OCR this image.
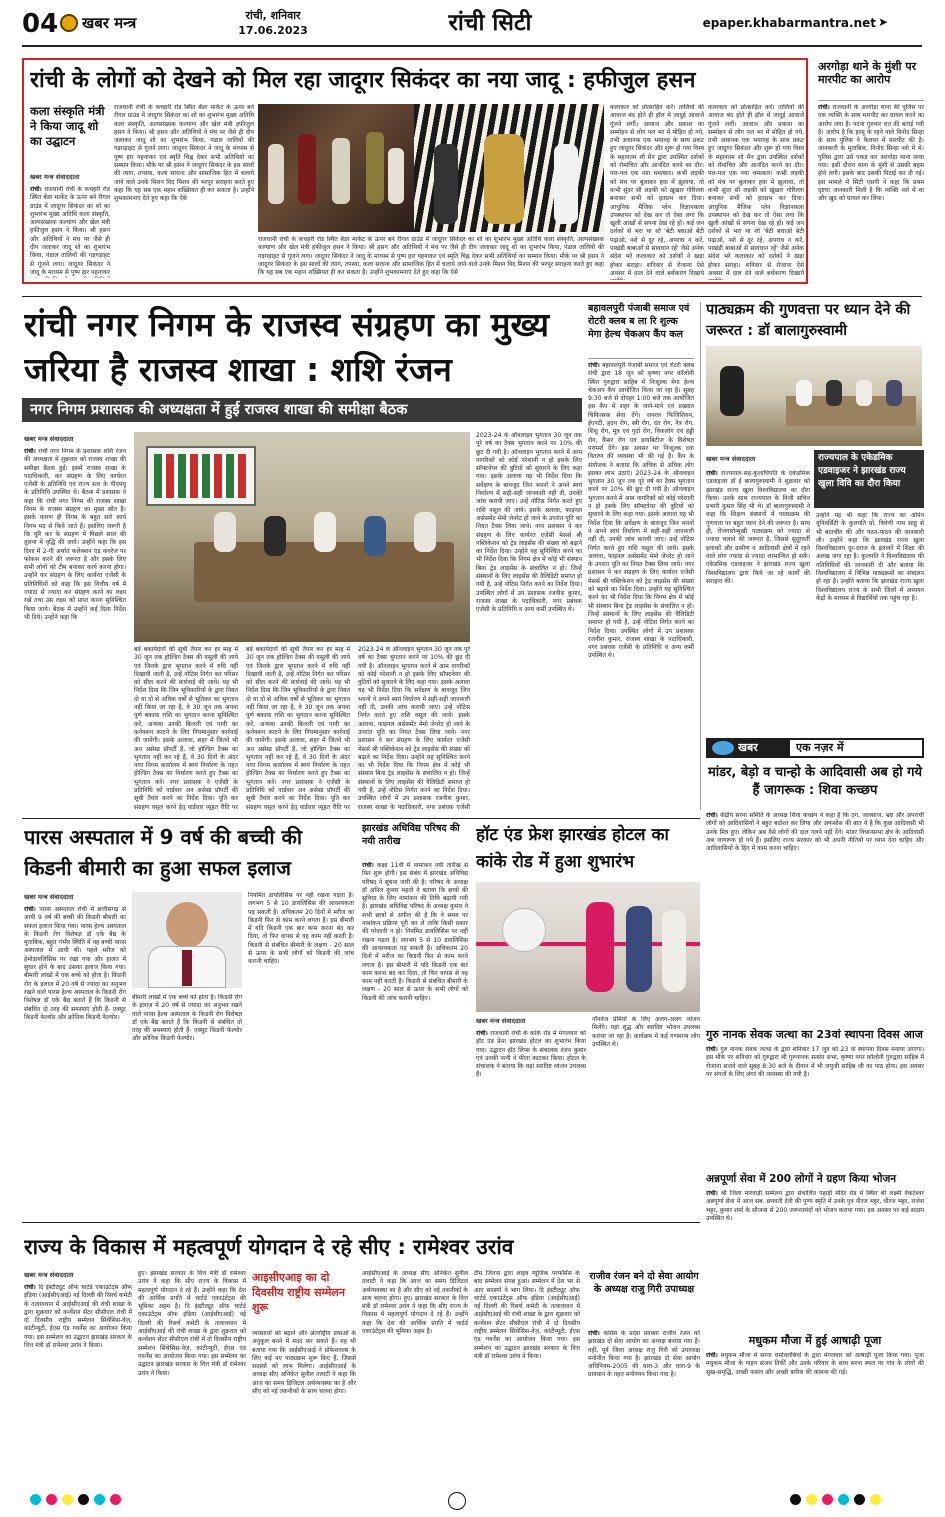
04 खबर मन्त्र	रांची, शनिवार
17.06.2023	रांची सिटी	epaper.khabarmantra.net ➤
रांची के लोगों को देखने को मिल रहा जादूगर सिकंदर का नया जादू : हफीजुल हसन
कला संस्कृति मंत्री ने किया जादू शो का उद्घाटन
खबर मन्त्र संवाददाता
रांची। राजधानी रांची के कचहरी रोड स्थित बेंडर मार्केट के ऊपर बने रीगल ग्राउंड में जादूगर सिकंदर का शो का शुभारंभ मुख्य अतिथि कला संस्कृति, अल्पसंख्यक कल्याण और खेल मंत्री हफीजुल हसन ने किया। श्री हसन और अतिथियों ने मंच पर जैसे ही दीप जलाकर जादू शो का शुभारंभ किया, पंडाल तालियों की गड़गड़ाहट से गूंजने लगा। जादूगर सिकंदर ने जादू के माध्यम से पुष्प हार पहनाकर
राजधानी रांची के कचहरी रोड स्थित बेंडर मार्केट के ऊपर बने रीगल ग्राउंड में जादूगर सिकंदर का शो का शुभारंभ मुख्य अतिथि कला संस्कृति, अल्पसंख्यक कल्याण और खेल मंत्री हफीजुल हसन ने किया। श्री हसन और अतिथियों ने मंच पर जैसे ही दीप जलाकर जादू शो का शुभारंभ किया, पंडाल तालियों की गड़गड़ाहट से गूंजने लगा। जादूगर सिकंदर ने जादू के माध्यम से पुष्प हार पहनाकर एवं स्मृति चिह्न देकर सभी अतिथियों का सम्मान किया। मौके पर श्री हसन ने जादूगर सिकंदर के इस सालों की त्याग, तपस्या, कला साधना और सामाजिक हित में चलाये जाने वाले उनके मिशन विद मिशन की भरपूर सराहना करते हुए कहा कि यह सब एक महान शख्सियत ही कर सकता है। उन्होंने शुभकामनाएं देते हुए कहा कि ऐसे
राजधानी रांची के कचहरी रोड स्थित बेंडर मार्केट के ऊपर बने रीगल ग्राउंड में जादूगर सिकंदर का शो का शुभारंभ मुख्य अतिथि कला संस्कृति, अल्पसंख्यक कल्याण और खेल मंत्री हफीजुल हसन ने किया। श्री हसन और अतिथियों ने मंच पर जैसे ही दीप जलाकर जादू शो का शुभारंभ किया, पंडाल तालियों की गड़गड़ाहट से गूंजने लगा। जादूगर सिकंदर ने जादू के माध्यम से पुष्प हार पहनाकर एवं स्मृति चिह्न देकर सभी अतिथियों का सम्मान किया। मौके पर श्री हसन ने जादूगर सिकंदर के इस सालों की त्याग, तपस्या, कला साधना और सामाजिक हित में चलाये जाने वाले उनके मिशन विद मिशन की भरपूर सराहना करते हुए कहा कि यह सब एक महान शख्सियत ही कर सकता है। उन्होंने शुभकामनाएं देते हुए कहा कि ऐसे
कलाकार को प्रोत्साहित करें। तालियों की आवाज बंद होते ही हॉल में जादुई आवाजें गूंजने लगीं। आवाज और प्रकाश का सम्मोहन से लोग पल भर में मोहित हो गये, तभी अचानक एक भयावह के साथ प्रकट हुए जादूगर सिकंदर और शुरू हो गया विस्व के महानतम शो मैन द्वारा उपस्थित दर्शकों को रोमांचित और आनंदित करने का दौर। पल-पल एक नया चमत्कार। कभी लड़की को मंच पर बुलाकर हवा में झुलाया, तो कभी सुंदर सी लड़की को खूंखार गोरिल्ला बनाकर सभी को हतप्रभ कर दिया। आधुनिक मैजिक प्लेन विज्ञानकला उपस्थापन को देख कर तो ऐसा लगा कि खुली आंखों से सपना देख रहे हों। कई जन दर्शकों से भरा था शो 'बेटी बचाओ बेटी पढ़ाओ, नशे से दूर रहे, अपराध न करें, पाखंडी बाबाओं से सावधान रहें' जैसे अनेक संदेश भरे कलाकार को दर्शकों ने खड़ा होकर सराहा। शनिवार से रोजाना ऐसे अवसर में दाल देने वाले बर्थकरण दिखाये
कलाकार को प्रोत्साहित करें। तालियों की आवाज बंद होते ही हॉल में जादुई आवाजें गूंजने लगीं। आवाज और प्रकाश का सम्मोहन से लोग पल भर में मोहित हो गये, तभी अचानक एक भयावह के साथ प्रकट हुए जादूगर सिकंदर और शुरू हो गया विस्व के महानतम शो मैन द्वारा उपस्थित दर्शकों को रोमांचित और आनंदित करने का दौर। पल-पल एक नया चमत्कार। कभी लड़की को मंच पर बुलाकर हवा में झुलाया, तो कभी सुंदर सी लड़की को खूंखार गोरिल्ला बनाकर सभी को हतप्रभ कर दिया। आधुनिक मैजिक प्लेन विज्ञानकला उपस्थापन को देख कर तो ऐसा लगा कि खुली आंखों से सपना देख रहे हों। कई जन दर्शकों से भरा था शो 'बेटी बचाओ बेटी पढ़ाओ, नशे से दूर रहे, अपराध न करें, पाखंडी बाबाओं से सावधान रहें' जैसे अनेक संदेश भरे कलाकार को दर्शकों ने खड़ा होकर सराहा। शनिवार से रोजाना ऐसे अवसर में दाल देने वाले बर्थकरण दिखाये
अरगोड़ा थाने के मुंशी पर मारपीट का आरोप
रांची। राजधानी के अरगोड़ा थाना की पुलिस पर एक व्यक्ति के साथ मारपीट कर घायल करने का आरोप लगा है। पटना गुरुवार रात की बताई गयी है। आरोप है कि हरमू के रहने वाले विनोद सिन्हा के साथ पुलिस ने कैलाश में मारपीट की है। जानकारी के मुताबिक, विनोद सिन्हा नशे में थे। पुलिस द्वारा उसे पकड़ कर अरगोड़ा थाना लाया गया। इसी दौरान थाना के मुंशी से उसकी बहस होने लगी। इसके बाद उसकी पिटाई कर दी गई। इस मामले में सिटी एसपी ने कहा कि प्रथम दृष्टया जानकारी मिली है कि व्यक्ति नशे में था और खुद को घायल कर लिया।
रांची नगर निगम के राजस्व संग्रहण का मुख्य जरिया है राजस्व शाखा : शशि रंजन
नगर निगम प्रशासक की अध्यक्षता में हुई राजस्व शाखा की समीक्षा बैठक
खबर मन्त्र संवाददाता
रांची। रांची नगर निगम के प्रशासक शशि रंजन की अध्यक्षता में शुक्रवार को राजस्व शाखा की समीक्षा बैठक हुई। इसमें राजस्व शाखा के पदाधिकारी, कर संग्रहण के लिए कार्यरत एजेंसी के प्रतिनिधि एवं राज्य स्तर के पीएमयू के प्रतिनिधि उपस्थित थे। बैठक में प्रशासक ने कहा कि रांची नगर निगम की राजस्व शाखा निगम के राजस्व संग्रहण का मुख्य स्रोत है। इसके कारण ही निगम के बहुत सारे कार्य निगम मद से किये जाते हैं। इसलिए जरूरी है कि पूरि कर के संग्रहण में पिछले साल की तुलना में वृद्धि की जाये। उन्होंने कहा कि इस दिशा में 2-गी अर्थात कलेक्शन एंड कवरेज पर फोकस करने की जरूरत है और इसके लिए सभी लोगों को टीम बनाकर कार्य करना होगा। उन्होंने कर संग्रहण के लिए कार्यरत एजेंसी के प्रतिनिधियों को कहा कि इस वित्तीय वर्ष में ज्यादा से ज्यादा कर संग्रहण करने का लक्ष्य रखें तथा उस लक्ष्य को प्राप्त करना सुनिश्चित किया जाये। बैठक में उन्होंने कई दिशा निर्देश भी दिये। उन्होंने कहा कि
बड़े बकायेदारों की सूची तैयार कर हर माह में 30 जून तक होल्डिंग टैक्स की वसूली की जाये एवं जिनके द्वारा भुगतान करने में रुचि नहीं दिखायी जाती है, उन्हें नोटिस निर्गत कर परिसर को सील करने की कार्रवाई की जाये। यह भी निर्देश दिया कि जिन भूधिकारियों के द्वारा नियत दो या दो से अधिक वर्षों से भूतिकर का भुगतान नहीं किया जा रहा है, वे 30 जून तक अपना पूर्ण बकाया राशि का भुगतान करना सुनिश्चित करें, अन्यथा उनकी बिजली एवं पानी का कनेक्शन काटने के लिए नियमानुसार कार्रवाई की जायेगी। इसके अलावा, शहर में जितने भी अन असेस्ड प्रॉपर्टी हैं, जो होल्डिंग टैक्स का भुगतान नहीं कर रहे हैं, वे 30 दिनों के अंदर नगर निगम कार्यालय में स्वयं निर्धारण के तहत होल्डिंग टैक्स का निर्धारण करते हुए टैक्स का भुगतान करें। नगर प्रशासक ने एजेंसी के प्रतिनिधि को वार्डवार अन असेस्ड प्रॉपर्टी की सूची तैयार करने का निर्देश दिया। पूति कर संग्रहण वसूल करने हेतु वार्डवार व्यूहत रीति पर
बड़े बकायेदारों की सूची तैयार कर हर माह में 30 जून तक होल्डिंग टैक्स की वसूली की जाये एवं जिनके द्वारा भुगतान करने में रुचि नहीं दिखायी जाती है, उन्हें नोटिस निर्गत कर परिसर को सील करने की कार्रवाई की जाये। यह भी निर्देश दिया कि जिन भूधिकारियों के द्वारा नियत दो या दो से अधिक वर्षों से भूतिकर का भुगतान नहीं किया जा रहा है, वे 30 जून तक अपना पूर्ण बकाया राशि का भुगतान करना सुनिश्चित करें, अन्यथा उनकी बिजली एवं पानी का कनेक्शन काटने के लिए नियमानुसार कार्रवाई की जायेगी। इसके अलावा, शहर में जितने भी अन असेस्ड प्रॉपर्टी हैं, जो होल्डिंग टैक्स का भुगतान नहीं कर रहे हैं, वे 30 दिनों के अंदर नगर निगम कार्यालय में स्वयं निर्धारण के तहत होल्डिंग टैक्स का निर्धारण करते हुए टैक्स का भुगतान करें। नगर प्रशासक ने एजेंसी के प्रतिनिधि को वार्डवार अन असेस्ड प्रॉपर्टी की सूची तैयार करने का निर्देश दिया। पूति कर संग्रहण वसूल करने हेतु वार्डवार व्यूहत रीति पर
2023-24 के ऑनलाइन भुगतान 30 जून तक पूरे वर्ष का टैक्स भुगतान करने पर 10% की छूट दी गयी है। ऑनलाइन भुगतान करने में आम नागरिकों को कोई परेशानी न हो इसके लिए सॉफ्टवेयर की त्रुटियों को सुधारने के लिए कहा गया। इसके अलावा यह भी निर्देश दिया कि सर्वेक्षण के बावजूद जिन भवनों ने अपने स्वयं निर्धारण में सही-सही जानकारी नहीं दी, उनकी जांच करायी जाए। उन्हें नोटिस निर्गत करते हुए राशि वसूल की जाये। इसके अलावा, फाइनल असेसमेंट मेमो जेनरेट हो जाने के उपरांत पूति का नियत टैक्स लिया जाये। नगर प्रशासन ने कर संग्रहण के लिए कार्यरत एजेंसी मेसर्स श्री पब्लिकेशन को ट्रेड लाइसेंस की संख्या को बढ़ाने का निर्देश दिया। उन्होंने यह सुनिश्चित करने का भी निर्देश दिया कि निगम क्षेत्र में कोई भी संस्थान बिना ट्रेड लाइसेंस के संचालित न हो। जिन्हें संस्थानों के लिए लाइसेंस की वैलिडिटी समाप्त हो गयी है, उन्हें नोटिस निर्गत करने का निर्देश दिया। उपस्थित लोगों में उप प्रशासक रजनीश कुमार, राजस्व शाखा के पदाधिकारी, नगर प्रबंधक एजेंसी
2023-24 के ऑनलाइन भुगतान 30 जून तक पूरे वर्ष का टैक्स भुगतान करने पर 10% की छूट दी गयी है। ऑनलाइन भुगतान करने में आम नागरिकों को कोई परेशानी न हो इसके लिए सॉफ्टवेयर की त्रुटियों को सुधारने के लिए कहा गया। इसके अलावा यह भी निर्देश दिया कि सर्वेक्षण के बावजूद जिन भवनों ने अपने स्वयं निर्धारण में सही-सही जानकारी नहीं दी, उनकी जांच करायी जाए। उन्हें नोटिस निर्गत करते हुए राशि वसूल की जाये। इसके अलावा, फाइनल असेसमेंट मेमो जेनरेट हो जाने के उपरांत पूति का नियत टैक्स लिया जाये। नगर प्रशासन ने कर संग्रहण के लिए कार्यरत एजेंसी मेसर्स श्री पब्लिकेशन को ट्रेड लाइसेंस की संख्या को बढ़ाने का निर्देश दिया। उन्होंने यह सुनिश्चित करने का भी निर्देश दिया कि निगम क्षेत्र में कोई भी संस्थान बिना ट्रेड लाइसेंस के संचालित न हो। जिन्हें संस्थानों के लिए लाइसेंस की वैलिडिटी समाप्त हो गयी है, उन्हें नोटिस निर्गत करने का निर्देश दिया। उपस्थित लोगों में उप प्रशासक रजनीश कुमार, राजस्व शाखा के पदाधिकारी, नगर प्रबंधक एजेंसी के प्रतिनिधि व अन्य कर्मी उपस्थित थे।
बहावलपुरी पंजाबी समाज एवं रोटरी क्लब ब ला रि शुल्क मेगा हेल्थ चेकअप कैंप कल
रांची। बहावलपुरी पंजाबी समाज एवं रोटरी क्लब रांची द्वारा 18 जून को कृष्णा नगर कॉलोनी स्थित गुरुद्वारा साहिब में निःशुल्क मेगा हेल्थ चेकअप कैंप आयोजित किया जा रहा है। सुबह 9:30 बजे से दोपहर 1:00 बजे तक आयोजित इस कैंप में शहर के जाने-माने एवं प्रख्यात चिकित्सक सेवा देंगे। जनरल फिजिशियन, ईएनटी, हृदय रोग, स्त्री रोग, दंत रोग, नेत्र रोग, शिशु रोग, मूत्र एवं गुर्दा रोग, विकलांग एवं हड्डी रोग, कैंसर रोग एवं डायबिटीज के विशेषज्ञ परामर्श देंगे। इस अवसर पर निःशुल्क दवा वितरण की व्यवस्था भी की गई है। कैंप के संयोजक ने बताया कि अधिक से अधिक लोग इसका लाभ उठाएं। 2023-24 के ऑनलाइन भुगतान 30 जून तक पूरे वर्ष का टैक्स भुगतान करने पर 10% की छूट दी गयी है। ऑनलाइन भुगतान करने में आम नागरिकों को कोई परेशानी न हो इसके लिए सॉफ्टवेयर की त्रुटियों को सुधारने के लिए कहा गया। इसके अलावा यह भी निर्देश दिया कि सर्वेक्षण के बावजूद जिन भवनों ने अपने स्वयं निर्धारण में सही-सही जानकारी नहीं दी, उनकी जांच करायी जाए। उन्हें नोटिस निर्गत करते हुए राशि वसूल की जाये। इसके अलावा, फाइनल असेसमेंट मेमो जेनरेट हो जाने के उपरांत पूति का नियत टैक्स लिया जाये। नगर प्रशासन ने कर संग्रहण के लिए कार्यरत एजेंसी मेसर्स श्री पब्लिकेशन को ट्रेड लाइसेंस की संख्या को बढ़ाने का निर्देश दिया। उन्होंने यह सुनिश्चित करने का भी निर्देश दिया कि निगम क्षेत्र में कोई भी संस्थान बिना ट्रेड लाइसेंस के संचालित न हो। जिन्हें संस्थानों के लिए लाइसेंस की वैलिडिटी समाप्त हो गयी है, उन्हें नोटिस निर्गत करने का निर्देश दिया। उपस्थित लोगों में उप प्रशासक रजनीश कुमार, राजस्व शाखा के पदाधिकारी, नगर प्रबंधक एजेंसी के प्रतिनिधि व अन्य कर्मी उपस्थित थे।
पाठ्यक्रम की गुणवत्ता पर ध्यान देने की जरूरत : डॉ बालागुरुस्वामी
खबर मन्त्र संवाददाता	राज्यपाल के एकेडमिक एडवाइजर ने झारखंड राज्य खुला विवि का दौरा किया
रांची। राज्यपाल-सह-कुलाधिपति के एकेडमिक एडवाइजर डॉ ई बालागुरुस्वामी ने शुक्रवार को झारखंड राज्य खुला विश्वविद्यालय का दौरा किया। उनके साथ राज्यपाल के निजी सचिव प्रभारी कुमार सिंह भी थे। डॉ बालागुरुस्वामी ने कहा कि शिक्षण संस्थानों में पाठ्यक्रम की गुणवत्ता पर बहुत ध्यान देने की जरूरत है। साथ ही, रोजगारोन्मुखी पाठ्यक्रम को ज्यादा से ज्यादा चलाने की जरूरत है, जिससे सुदूरवर्ती इलाकों और ग्रामीण व आदिवासी क्षेत्रों में रहने वाले लोग ज्यादा से ज्यादा लाभान्वित हो सकें। एकेडमिक एडवाइजर ने झारखंड राज्य खुला विश्वविद्यालय द्वारा किये जा रहे कार्यों की सराहना की।
उन्होंने यह भी कहा कि राज्य का ओपेन यूनिवर्सिटी के कुलपति प्रो. त्रिवेणी नाथ साहु से भी बातचीत की और पठन-पाठन की जानकारी ली। उन्होंने कहा कि झारखंड राज्य खुला विश्वविद्यालय दूर-दराज के इलाकों में शिक्षा की अलख जगा रहा है। कुलपति ने विश्वविद्यालय की गतिविधियों की जानकारी दी और बताया कि विश्वविद्यालय में विभिन्न पाठ्यक्रमों का संचालन हो रहा है। उन्होंने बताया कि झारखंड राज्य खुला विश्वविद्यालय राज्य के सभी जिलों में अध्ययन केंद्रों के माध्यम से विद्यार्थियों तक पहुंच रहा है।
खबर	एक नज़र में
मांडर, बेड़ो व चान्हो के आदिवासी अब हो गये हैं जागरूक : शिवा कच्छप
रांची। केंद्रीय सरना समिति के अध्यक्ष शिवा कच्छप ने कहा है कि ठग, जलसाज, भ्रष्ट और अपराधी लोगों को आदिवासियों ने बहुत बर्दाश्त कर लिया और अफसोस की बात ये है कि कुछ आदिवासी भी उनके मित्र हुए। लेकिन अब वैसे लोगों की दाल गलने नहीं देंगे। मांडर विधानसभा क्षेत्र के आदिवासी अब जागरूक हो गये हैं। इसलिए राज्य सरकार को भी अपनी नीतियों पर ध्यान देना चाहिए और आदिवासियों के हित में काम करना चाहिए।
पारस अस्पताल में 9 वर्ष की बच्ची की किडनी बीमारी का हुआ सफल इलाज
खबर मन्त्र संवाददाता
रांची। पारस अस्पताल रांची में छत्तीसगढ़ से आयी 9 वर्ष की बच्ची की किडनी बीमारी का सफल इलाज किया गया। पारस हेल्थ अस्पताल के किडनी रोग विशेषज्ञ डॉ एके बैद्य के मुताबिक, बहुत गंभीर स्थिति में वह बच्ची पारस अस्पताल में आयी थी। पहले मरीज को हेमोडायलिसिस पर रखा गया और हालत में सुधार होने के बाद उसका इलाज किया गया। बीमारी लाखों में एक बच्चे को होता है। किडनी रोग के इलाज में 20 वर्ष से ज्यादा का अनुभव रखने वाले पारस हेल्थ अस्पताल के किडनी रोग विशेषज्ञ डॉ एके बैद्य बताते हैं कि किडनी से संबंधित दो तरह की समस्याएं होती हैं- एक्यूट किडनी फेल्योर और क्रोनिक किडनी फेल्योर।
बीमारी लाखों में एक बच्चे को होता है। किडनी रोग के इलाज में 20 वर्ष से ज्यादा का अनुभव रखने वाले पारस हेल्थ अस्पताल के किडनी रोग विशेषज्ञ डॉ एके बैद्य बताते हैं कि किडनी से संबंधित दो तरह की समस्याएं होती हैं- एक्यूट किडनी फेल्योर और क्रोनिक किडनी फेल्योर।
नियमित डायलिसिस पर नहीं रखना पड़ता है। लगभग 5 से 10 डायलिसिस की आवश्यकता पड़ सकती है। अधिकतम 20 दिनों में मरीज का किडनी फिर से काम करने लगता है। इस बीमारी में यदि किडनी एक बार काम करना बंद कर दिया, तो फिर वापस से वह काम नहीं करती है। किडनी से संबंधित बीमारी के लक्षण - 20 साल से ऊपर के सभी लोगों को किडनी की जांच करानी चाहिए।
झारखंड अधिविद्य परिषद की नयी तारीख
रांची। कक्षा 11वीं में नामांकन नयी तारीख से फिर शुरू होगी। इस संबंध में झारखंड अधिविद्य परिषद ने सूचना जारी की है। परिषद के अध्यक्ष डॉ अनिल कुमार महतो ने बताया कि छात्रों की सुविधा के लिए नामांकन की तिथि बढ़ायी गयी है। झारखंड अधिविद्य परिषद के अध्यक्ष कुमार ने सभी छात्रों से अपील की है कि वे समय पर नामांकन प्रक्रिया पूरी कर लें ताकि किसी प्रकार की परेशानी न हो। नियमित डायलिसिस पर नहीं रखना पड़ता है। लगभग 5 से 10 डायलिसिस की आवश्यकता पड़ सकती है। अधिकतम 20 दिनों में मरीज का किडनी फिर से काम करने लगता है। इस बीमारी में यदि किडनी एक बार काम करना बंद कर दिया, तो फिर वापस से वह काम नहीं करती है। किडनी से संबंधित बीमारी के लक्षण - 20 साल से ऊपर के सभी लोगों को किडनी की जांच करानी चाहिए।
हॉट एंड फ्रेश झारखंड होटल का कांके रोड में हुआ शुभारंभ
खबर मन्त्र संवाददाता
रांची। राजधानी रांची के कांके रोड में मंगलवार को हॉट एंड फ्रेश झारखंड होटल का शुभारंभ किया गया। उद्घाटन हॉट लिप्स के संचालक रंजन कुमार एवं उनकी पत्नी ने फीता काटकर किया। होटल के संचालक ने बताया कि यहां स्वादिष्ट व्यंजन उपलब्ध हैं।
नॉनवेज प्रेमियों के लिए अलग-अलग व्यंजन मिलेंगे। यहां शुद्ध और स्वादिष्ट भोजन उपलब्ध कराया जा रहा है। कार्यक्रम में कई गणमान्य लोग उपस्थित थे।
गुरु नानक सेवक जत्था का 23वां स्थापना दिवस आज
रांची। गुरु नानक सेवक जत्था के द्वारा शनिवार 17 जून को 23 वां स्थापना दिवस मनाया जाएगा। इस मौके पर शनिवार को गुरुद्वारा श्री गुरुनानक सत्संग सभा, कृष्णा नगर कॉलोनी गुरुद्वारा साहिब में रोजाना सजने वाले सुबह 8:30 बजे के दीवान में भी जपुजी साहिब जी का पाठ होगा। इस अवसर पर संगतों के लिए लंगर की व्यवस्था की गयी है।
अन्नपूर्णा सेवा में 200 लोगों ने ग्रहण किया भोजन
रांची। श्री जिला मारवाड़ी सम्मेलन द्वारा संचालित पहाड़ी मंदिर रोड में स्थित श्री लक्ष्मी वेंकटेश्वर अन्नपूर्णा सेवा में आज सब. छनवती देवी की पुण्य स्मृति में उनके पुत्र नीरज भट्टर, धीरज भट्टर, राजेश भट्टर, कुमार शर्मा के सौजन्य से 200 जरूरतमंदों को भोजन कराया गया। इस अवसर पर कई सदस्य उपस्थित थे।
मधुकम मौजा में हुई आषाढ़ी पूजा
रांची। मधुकम मौजा में सरना धर्मावलंबियों के द्वारा मंगलवार को आषाढ़ी पूजा किया गया। पूजा मधुकम मौजा के पाहन संजय तिर्की और उनके परिवार के साथ सरना स्थल पर गांव के लोगों की सुख-समृद्धि, अच्छी फसल और अच्छी बारिश की कामना की गई।
राज्य के विकास में महत्वपूर्ण योगदान दे रहे सीए : रामेश्वर उरांव
खबर मन्त्र संवाददाता
रांची। दि इंस्टीट्यूट ऑफ चार्टर्ड एकाउंटेंट्स ऑफ इंडिया (आईसीएआई) नई दिल्ली की रिसर्च कमेटी के तत्वावधान में आईसीएआई की रांची शाखा के द्वारा शुक्रवार को कन्वेंशन सेंटर सीसीएल रांची में दो दिवसीय राष्ट्रीय सम्मेलन सिंथेसिस-वेज़, कांटीन्यूटी, ईएस एंड गवर्नेंस का आयोजन किया गया। इस सम्मेलन का उद्घाटन झारखंड सरकार के वित्त मंत्री डॉ रामेश्वर उरांव ने किया।
हुए। झारखंड सरकार के वित्त मंत्री डॉ रामेश्वर उरांव ने कहा कि सीए राज्य के विकास में महत्वपूर्ण योगदान दे रहे हैं। उन्होंने कहा कि देश की आर्थिक प्रगति में चार्टर्ड एकाउंटेंट्स की भूमिका अहम है। दि इंस्टीट्यूट ऑफ चार्टर्ड एकाउंटेंट्स ऑफ इंडिया (आईसीएआई) नई दिल्ली की रिसर्च कमेटी के तत्वावधान में आईसीएआई की रांची शाखा के द्वारा शुक्रवार को कन्वेंशन सेंटर सीसीएल रांची में दो दिवसीय राष्ट्रीय सम्मेलन सिंथेसिस-वेज़, कांटीन्यूटी, ईएस एंड गवर्नेंस का आयोजन किया गया। इस सम्मेलन का उद्घाटन झारखंड सरकार के वित्त मंत्री डॉ रामेश्वर उरांव ने किया।
आइसीएआइ का दो दिवसीय राष्ट्रीय सम्मेलन शुरू
व्यवसायों को बढ़ाने और अंतर्राष्ट्रीय प्रथाओं के अनुकूल बनने में मदद कर सकते हैं। यह भी बताया गया कि आईसीएआई ने प्रोफेशनल्स के लिए कई नए पाठ्यक्रम शुरू किए हैं, जिससे सदस्यों को लाभ मिलेगा। आईसीएआई के अध्यक्ष सीए अनिकेत सुनील तलाटी ने कहा कि आज का समय डिजिटल अर्थव्यवस्था का है और सीए को नई तकनीकों के साथ चलना होगा।
आईसीएआई के अध्यक्ष सीए अनिकेत सुनील तलाटी ने कहा कि आज का समय डिजिटल अर्थव्यवस्था का है और सीए को नई तकनीकों के साथ चलना होगा। हुए। झारखंड सरकार के वित्त मंत्री डॉ रामेश्वर उरांव ने कहा कि सीए राज्य के विकास में महत्वपूर्ण योगदान दे रहे हैं। उन्होंने कहा कि देश की आर्थिक प्रगति में चार्टर्ड एकाउंटेंट्स की भूमिका अहम है।
टीम जितना द्वारा लाइव म्यूजिक परफॉर्मेंस के बाद सम्मेलन संपन्न हुआ। सम्मेलन में देश भर से आए सदस्यों ने भाग लिया। दि इंस्टीट्यूट ऑफ चार्टर्ड एकाउंटेंट्स ऑफ इंडिया (आईसीएआई) नई दिल्ली की रिसर्च कमेटी के तत्वावधान में आईसीएआई की रांची शाखा के द्वारा शुक्रवार को कन्वेंशन सेंटर सीसीएल रांची में दो दिवसीय राष्ट्रीय सम्मेलन सिंथेसिस-वेज़, कांटीन्यूटी, ईएस एंड गवर्नेंस का आयोजन किया गया। इस सम्मेलन का उद्घाटन झारखंड सरकार के वित्त मंत्री डॉ रामेश्वर उरांव ने किया।
राजीव रंजन बने दो सेवा आयोग के अध्यक्ष राजु गिरी उपाध्यक्ष
रांची। कांग्रेस के प्रदेश प्रवक्ता राजीव रंजन को झारखंड दो सेवा आयोग का अध्यक्ष बनाया गया है। वहीं, पूर्व जिला अध्यक्ष राजु गिरी को उपाध्यक्ष मनोनीत किया गया है। झारखंड दो सेवा आयोग अधिनियम-2005 की धारा-3 और धारा-9 के प्रावधान के तहत मनोनयन किया गया है।
